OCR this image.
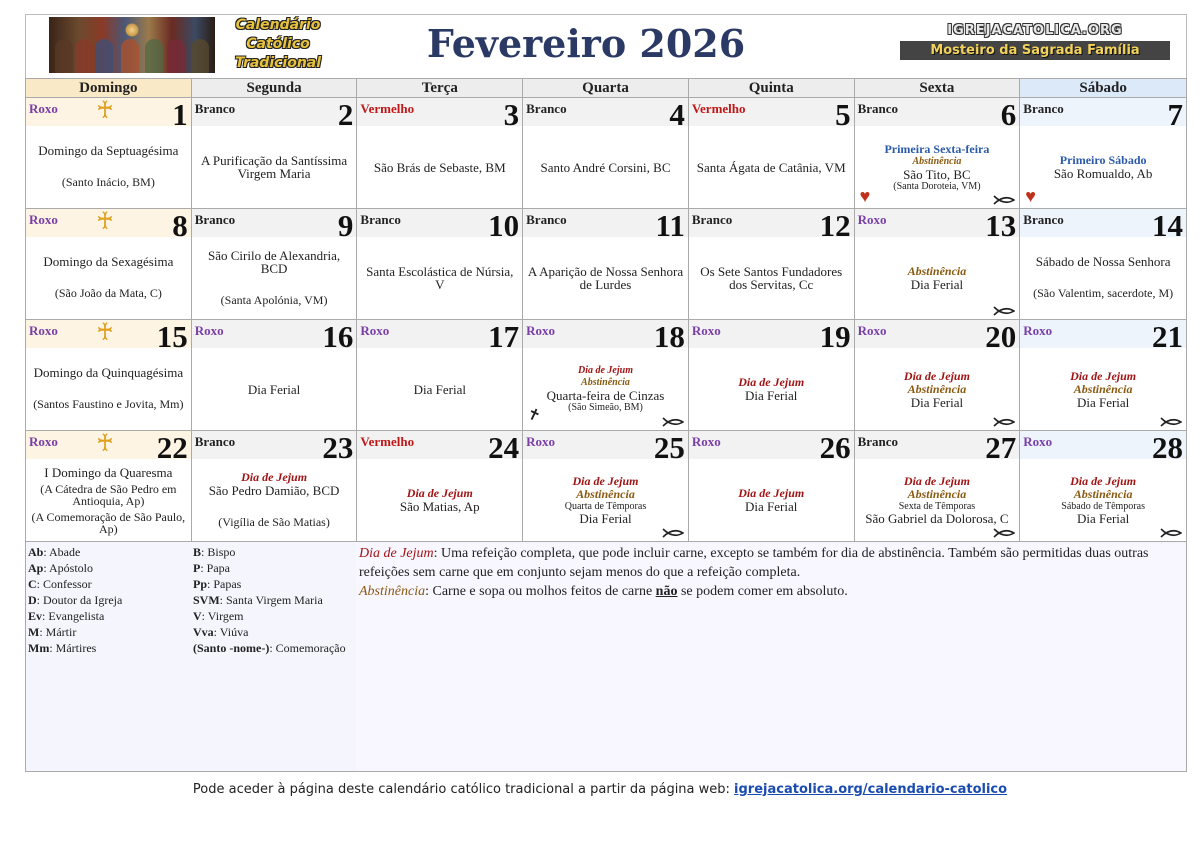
Calendário
Católico
Tradicional	Fevereiro 2026	IGREJACATOLICA.ORG
Mosteiro da Sagrada Família
Domingo	Segunda	Terça	Quarta	Quinta	Sexta	Sábado
Roxo ♰ 1
Domingo da Septuagésima
(Santo Inácio, BM)
Branco	2
A Purificação da Santíssima Virgem Maria
Vermelho	3
São Brás de Sebaste, BM
Branco	4
Santo André Corsini, BC
Vermelho	5
Santa Ágata de Catânia, VM
Branco	6
Primeira Sexta-feira
Abstinência
São Tito, BC
(Santa Doroteia, VM)
♥
Branco	7
Primeiro Sábado
São Romualdo, Ab
♥
Roxo ♰ 8
Domingo da Sexagésima
(São João da Mata, C)
Branco	9
São Cirilo de Alexandria, BCD
(Santa Apolónia, VM)
Branco	10
Santa Escolástica de Núrsia, V
Branco	11
A Aparição de Nossa Senhora de Lurdes
Branco	12
Os Sete Santos Fundadores dos Servitas, Cc
Roxo	13
Abstinência
Dia Ferial
Branco	14
Sábado de Nossa Senhora
(São Valentim, sacerdote, M)
Roxo ♰ 15
Domingo da Quinquagésima
(Santos Faustino e Jovita, Mm)
Roxo	16
Dia Ferial
Roxo	17
Dia Ferial
Roxo	18
Dia de Jejum
Abstinência
Quarta-feira de Cinzas
(São Simeão, BM)
✝
Roxo	19
Dia de Jejum
Dia Ferial
Roxo	20
Dia de Jejum
Abstinência
Dia Ferial
Roxo	21
Dia de Jejum
Abstinência
Dia Ferial
Roxo ♰ 22
I Domingo da Quaresma
(A Cátedra de São Pedro em Antioquia, Ap)
(A Comemoração de São Paulo, Ap)
Branco	23
Dia de Jejum
São Pedro Damião, BCD
(Vigília de São Matias)
Vermelho 24
Dia de Jejum
São Matias, Ap
Roxo	25
Dia de Jejum
Abstinência
Quarta de Têmporas
Dia Ferial
Roxo	26
Dia de Jejum
Dia Ferial
Branco	27
Dia de Jejum
Abstinência
Sexta de Têmporas
São Gabriel da Dolorosa, C
Roxo	28
Dia de Jejum
Abstinência
Sábado de Têmporas
Dia Ferial
Ab: Abade
Ap: Apóstolo
C: Confessor
D: Doutor da Igreja
Ev: Evangelista
M: Mártir
Mm: Mártires
B: Bispo
P: Papa
Pp: Papas
SVM: Santa Virgem Maria
V: Virgem
Vva: Viúva
(Santo -nome-): Comemoração
Dia de Jejum: Uma refeição completa, que pode incluir carne, excepto se também for dia de abstinência. Também são permitidas duas outras refeições sem carne que em conjunto sejam menos do que a refeição completa.
Abstinência: Carne e sopa ou molhos feitos de carne não se podem comer em absoluto.
Pode aceder à página deste calendário católico tradicional a partir da página web: igrejacatolica.org/calendario-catolico
